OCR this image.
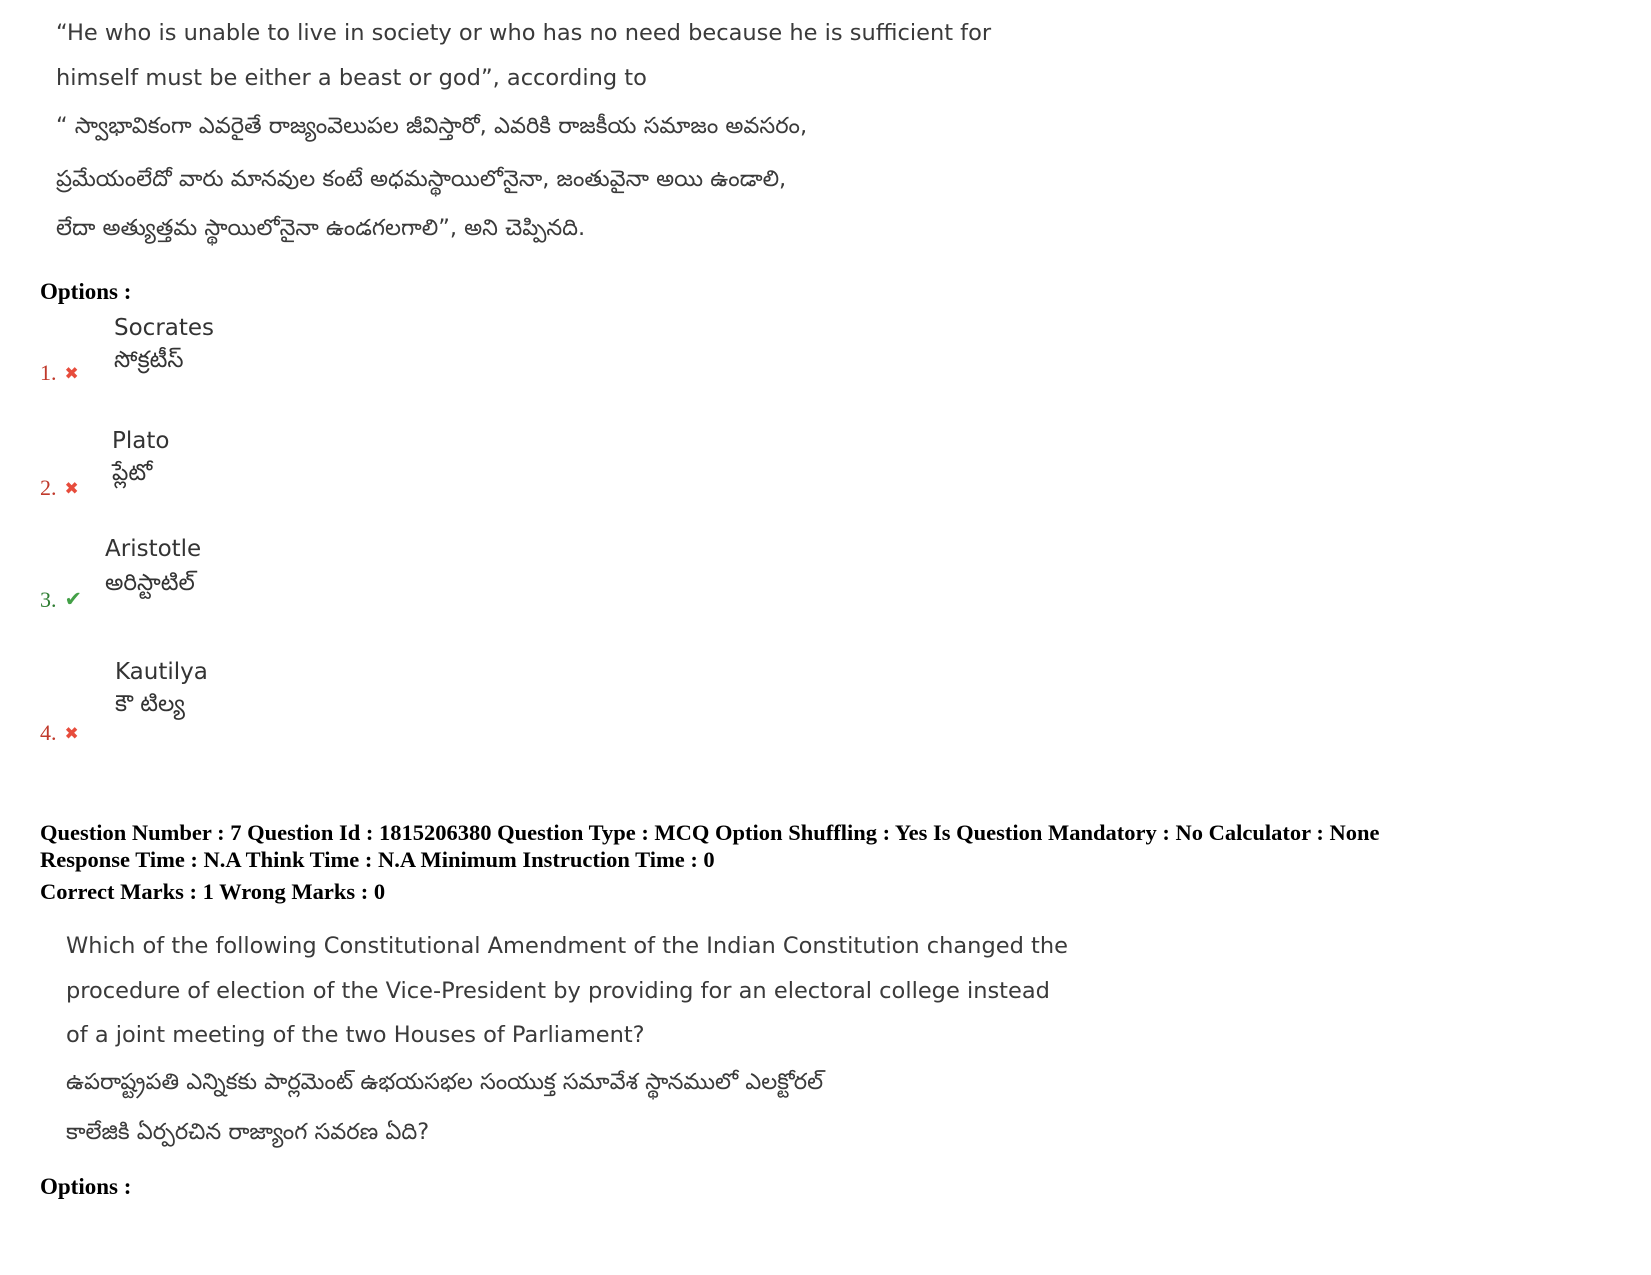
“He who is unable to live in society or who has no need because he is sufficient for
himself must be either a beast or god”, according to
“ స్వాభావికంగా ఎవరైతే రాజ్యంవెలుపల జీవిస్తారో, ఎవరికి రాజకీయ సమాజం అవసరం,
ప్రమేయంలేదో వారు మానవుల కంటే అధమస్థాయిలోనైనా, జంతువైనా అయి ఉండాలి,
లేదా అత్యుత్తమ స్థాయిలోనైనా ఉండగలగాలి”, అని చెప్పినది.
Options :
1. ✖
Socrates
సోక్రటీస్
2. ✖
Plato
ప్లేటో
3. ✔
Aristotle
అరిస్టాటిల్
4. ✖
Kautilya
కౌ టిల్య
Question Number : 7 Question Id : 1815206380 Question Type : MCQ Option Shuffling : Yes Is Question Mandatory : No Calculator : None
Response Time : N.A Think Time : N.A Minimum Instruction Time : 0
Correct Marks : 1 Wrong Marks : 0
Which of the following Constitutional Amendment of the Indian Constitution changed the
procedure of election of the Vice-President by providing for an electoral college instead
of a joint meeting of the two Houses of Parliament?
ఉపరాష్ట్రపతి ఎన్నికకు పార్లమెంట్ ఉభయసభల సంయుక్త సమావేశ స్థానములో ఎలక్టోరల్
కాలేజికి ఏర్పరచిన రాజ్యాంగ సవరణ ఏది?
Options :
